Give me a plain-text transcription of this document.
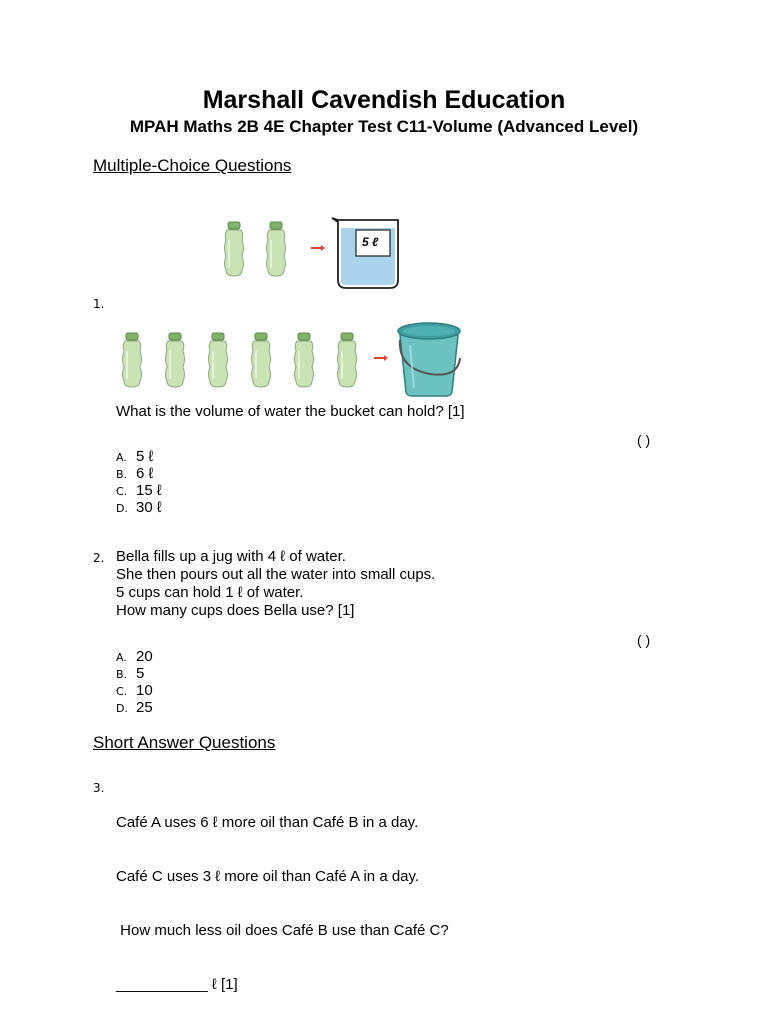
Marshall Cavendish Education
MPAH Maths 2B 4E Chapter Test C11-Volume (Advanced Level)
Multiple-Choice Questions
5 ℓ
1.
What is the volume of water the bucket can hold? [1]
( )
A. 5 ℓ
B. 6 ℓ
C. 15 ℓ
D. 30 ℓ
2. Bella fills up a jug with 4 ℓ of water.
She then pours out all the water into small cups.
5 cups can hold 1 ℓ of water.
How many cups does Bella use? [1]
( )
A. 20
B. 5
C. 10
D. 25
Short Answer Questions
3.

Café A uses 6 ℓ more oil than Café B in a day.

Café C uses 3 ℓ more oil than Café A in a day.

How much less oil does Café B use than Café C?

___________ ℓ [1]
